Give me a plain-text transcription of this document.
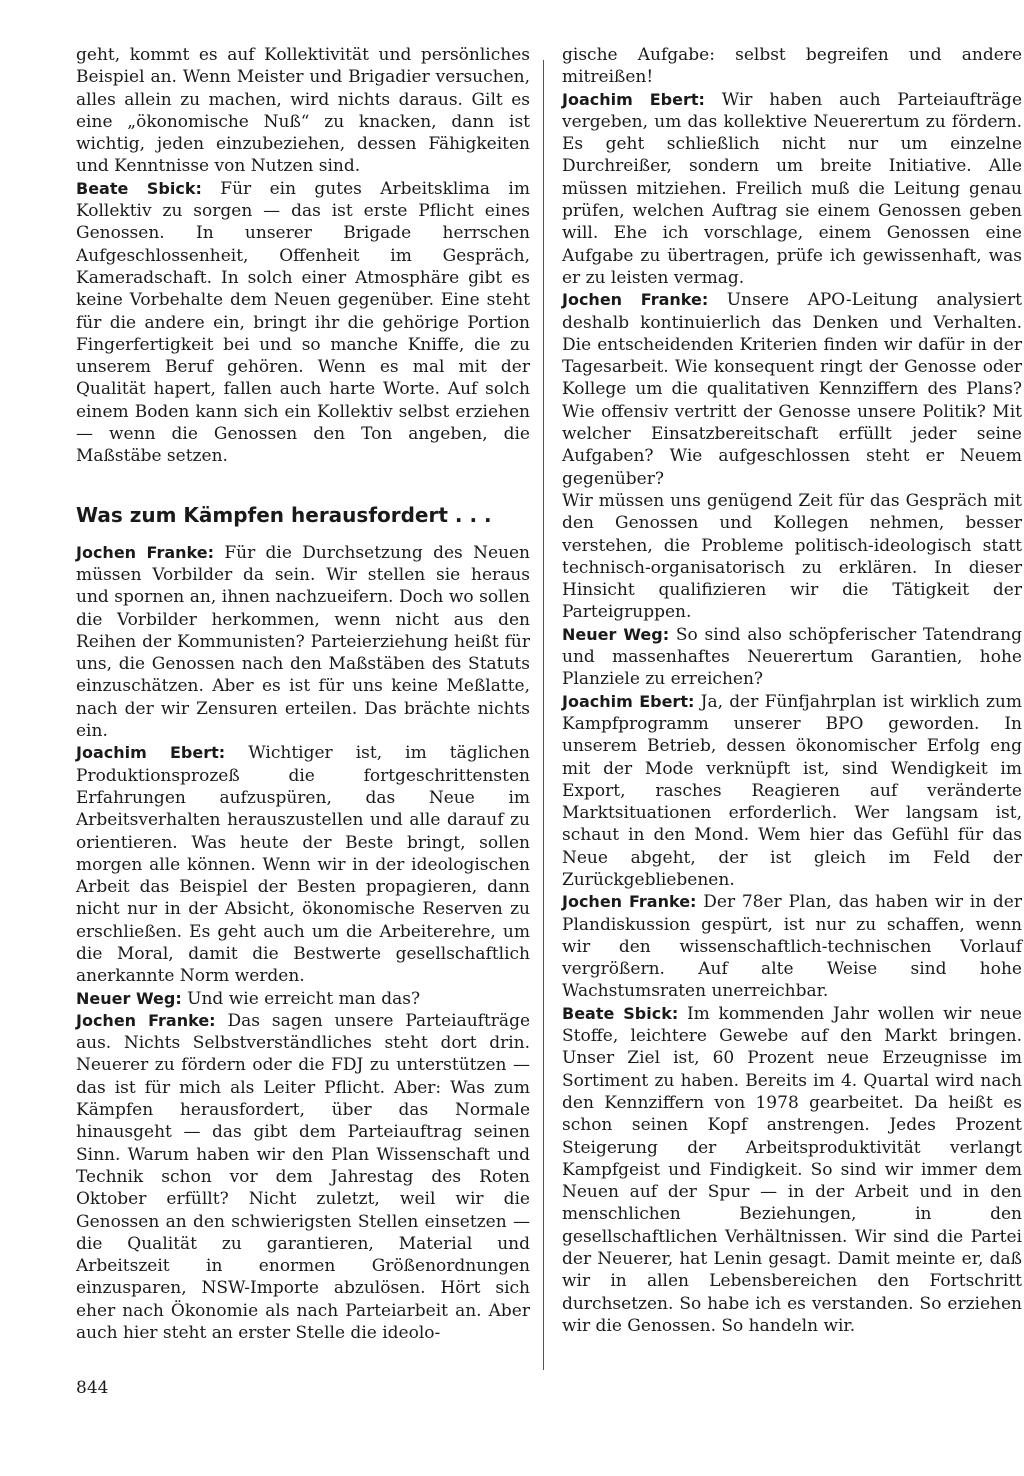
geht, kommt es auf Kollektivität und persönliches Beispiel an. Wenn Meister und Brigadier versuchen, alles allein zu machen, wird nichts daraus. Gilt es eine „ökonomische Nuß“ zu knacken, dann ist wichtig, jeden einzubeziehen, dessen Fähigkeiten und Kenntnisse von Nutzen sind.

Beate Sbick: Für ein gutes Arbeitsklima im Kollektiv zu sorgen — das ist erste Pflicht eines Genossen. In unserer Brigade herrschen Aufgeschlossenheit, Offenheit im Gespräch, Kameradschaft. In solch einer Atmosphäre gibt es keine Vorbehalte dem Neuen gegenüber. Eine steht für die andere ein, bringt ihr die gehörige Portion Fingerfertigkeit bei und so manche Kniffe, die zu unserem Beruf gehören. Wenn es mal mit der Qualität hapert, fallen auch harte Worte. Auf solch einem Boden kann sich ein Kollektiv selbst erziehen — wenn die Genossen den Ton angeben, die Maßstäbe setzen.

Was zum Kämpfen herausfordert . . .

Jochen Franke: Für die Durchsetzung des Neuen müssen Vorbilder da sein. Wir stellen sie heraus und spornen an, ihnen nachzueifern. Doch wo sollen die Vorbilder herkommen, wenn nicht aus den Reihen der Kommunisten? Parteierziehung heißt für uns, die Genossen nach den Maßstäben des Statuts einzuschätzen. Aber es ist für uns keine Meßlatte, nach der wir Zensuren erteilen. Das brächte nichts ein.

Joachim Ebert: Wichtiger ist, im täglichen Produktionsprozeß die fortgeschrittensten Erfahrungen aufzuspüren, das Neue im Arbeitsverhalten herauszustellen und alle darauf zu orientieren. Was heute der Beste bringt, sollen morgen alle können. Wenn wir in der ideologischen Arbeit das Beispiel der Besten propagieren, dann nicht nur in der Absicht, ökonomische Reserven zu erschließen. Es geht auch um die Arbeiterehre, um die Moral, damit die Bestwerte gesellschaftlich anerkannte Norm werden.

Neuer Weg: Und wie erreicht man das?

Jochen Franke: Das sagen unsere Parteiaufträge aus. Nichts Selbstverständliches steht dort drin. Neuerer zu fördern oder die FDJ zu unterstützen — das ist für mich als Leiter Pflicht. Aber: Was zum Kämpfen herausfordert, über das Normale hinausgeht — das gibt dem Parteiauftrag seinen Sinn. Warum haben wir den Plan Wissenschaft und Technik schon vor dem Jahrestag des Roten Oktober erfüllt? Nicht zuletzt, weil wir die Genossen an den schwierigsten Stellen einsetzen — die Qualität zu garantieren, Material und Arbeitszeit in enormen Größenordnungen einzusparen, NSW-Importe abzulösen. Hört sich eher nach Ökonomie als nach Parteiarbeit an. Aber auch hier steht an erster Stelle die ideolo-

gische Aufgabe: selbst begreifen und andere mitreißen!

Joachim Ebert: Wir haben auch Parteiaufträge vergeben, um das kollektive Neuerertum zu fördern. Es geht schließlich nicht nur um einzelne Durchreißer, sondern um breite Initiative. Alle müssen mitziehen. Freilich muß die Leitung genau prüfen, welchen Auftrag sie einem Genossen geben will. Ehe ich vorschlage, einem Genossen eine Aufgabe zu übertragen, prüfe ich gewissenhaft, was er zu leisten vermag.

Jochen Franke: Unsere APO-Leitung analysiert deshalb kontinuierlich das Denken und Verhalten. Die entscheidenden Kriterien finden wir dafür in der Tagesarbeit. Wie konsequent ringt der Genosse oder Kollege um die qualitativen Kennziffern des Plans? Wie offensiv vertritt der Genosse unsere Politik? Mit welcher Einsatzbereitschaft erfüllt jeder seine Aufgaben? Wie aufgeschlossen steht er Neuem gegenüber?

Wir müssen uns genügend Zeit für das Gespräch mit den Genossen und Kollegen nehmen, besser verstehen, die Probleme politisch-ideologisch statt technisch-organisatorisch zu erklären. In dieser Hinsicht qualifizieren wir die Tätigkeit der Parteigruppen.

Neuer Weg: So sind also schöpferischer Tatendrang und massenhaftes Neuerertum Garantien, hohe Planziele zu erreichen?

Joachim Ebert: Ja, der Fünfjahrplan ist wirklich zum Kampfprogramm unserer BPO geworden. In unserem Betrieb, dessen ökonomischer Erfolg eng mit der Mode verknüpft ist, sind Wendigkeit im Export, rasches Reagieren auf veränderte Marktsituationen erforderlich. Wer langsam ist, schaut in den Mond. Wem hier das Gefühl für das Neue abgeht, der ist gleich im Feld der Zurückgebliebenen.

Jochen Franke: Der 78er Plan, das haben wir in der Plandiskussion gespürt, ist nur zu schaffen, wenn wir den wissenschaftlich-technischen Vorlauf vergrößern. Auf alte Weise sind hohe Wachstumsraten unerreichbar.

Beate Sbick: Im kommenden Jahr wollen wir neue Stoffe, leichtere Gewebe auf den Markt bringen. Unser Ziel ist, 60 Prozent neue Erzeugnisse im Sortiment zu haben. Bereits im 4. Quartal wird nach den Kennziffern von 1978 gearbeitet. Da heißt es schon seinen Kopf anstrengen. Jedes Prozent Steigerung der Arbeitsproduktivität verlangt Kampfgeist und Findigkeit. So sind wir immer dem Neuen auf der Spur — in der Arbeit und in den menschlichen Beziehungen, in den gesellschaftlichen Verhältnissen. Wir sind die Partei der Neuerer, hat Lenin gesagt. Damit meinte er, daß wir in allen Lebensbereichen den Fortschritt durchsetzen. So habe ich es verstanden. So erziehen wir die Genossen. So handeln wir.

844
